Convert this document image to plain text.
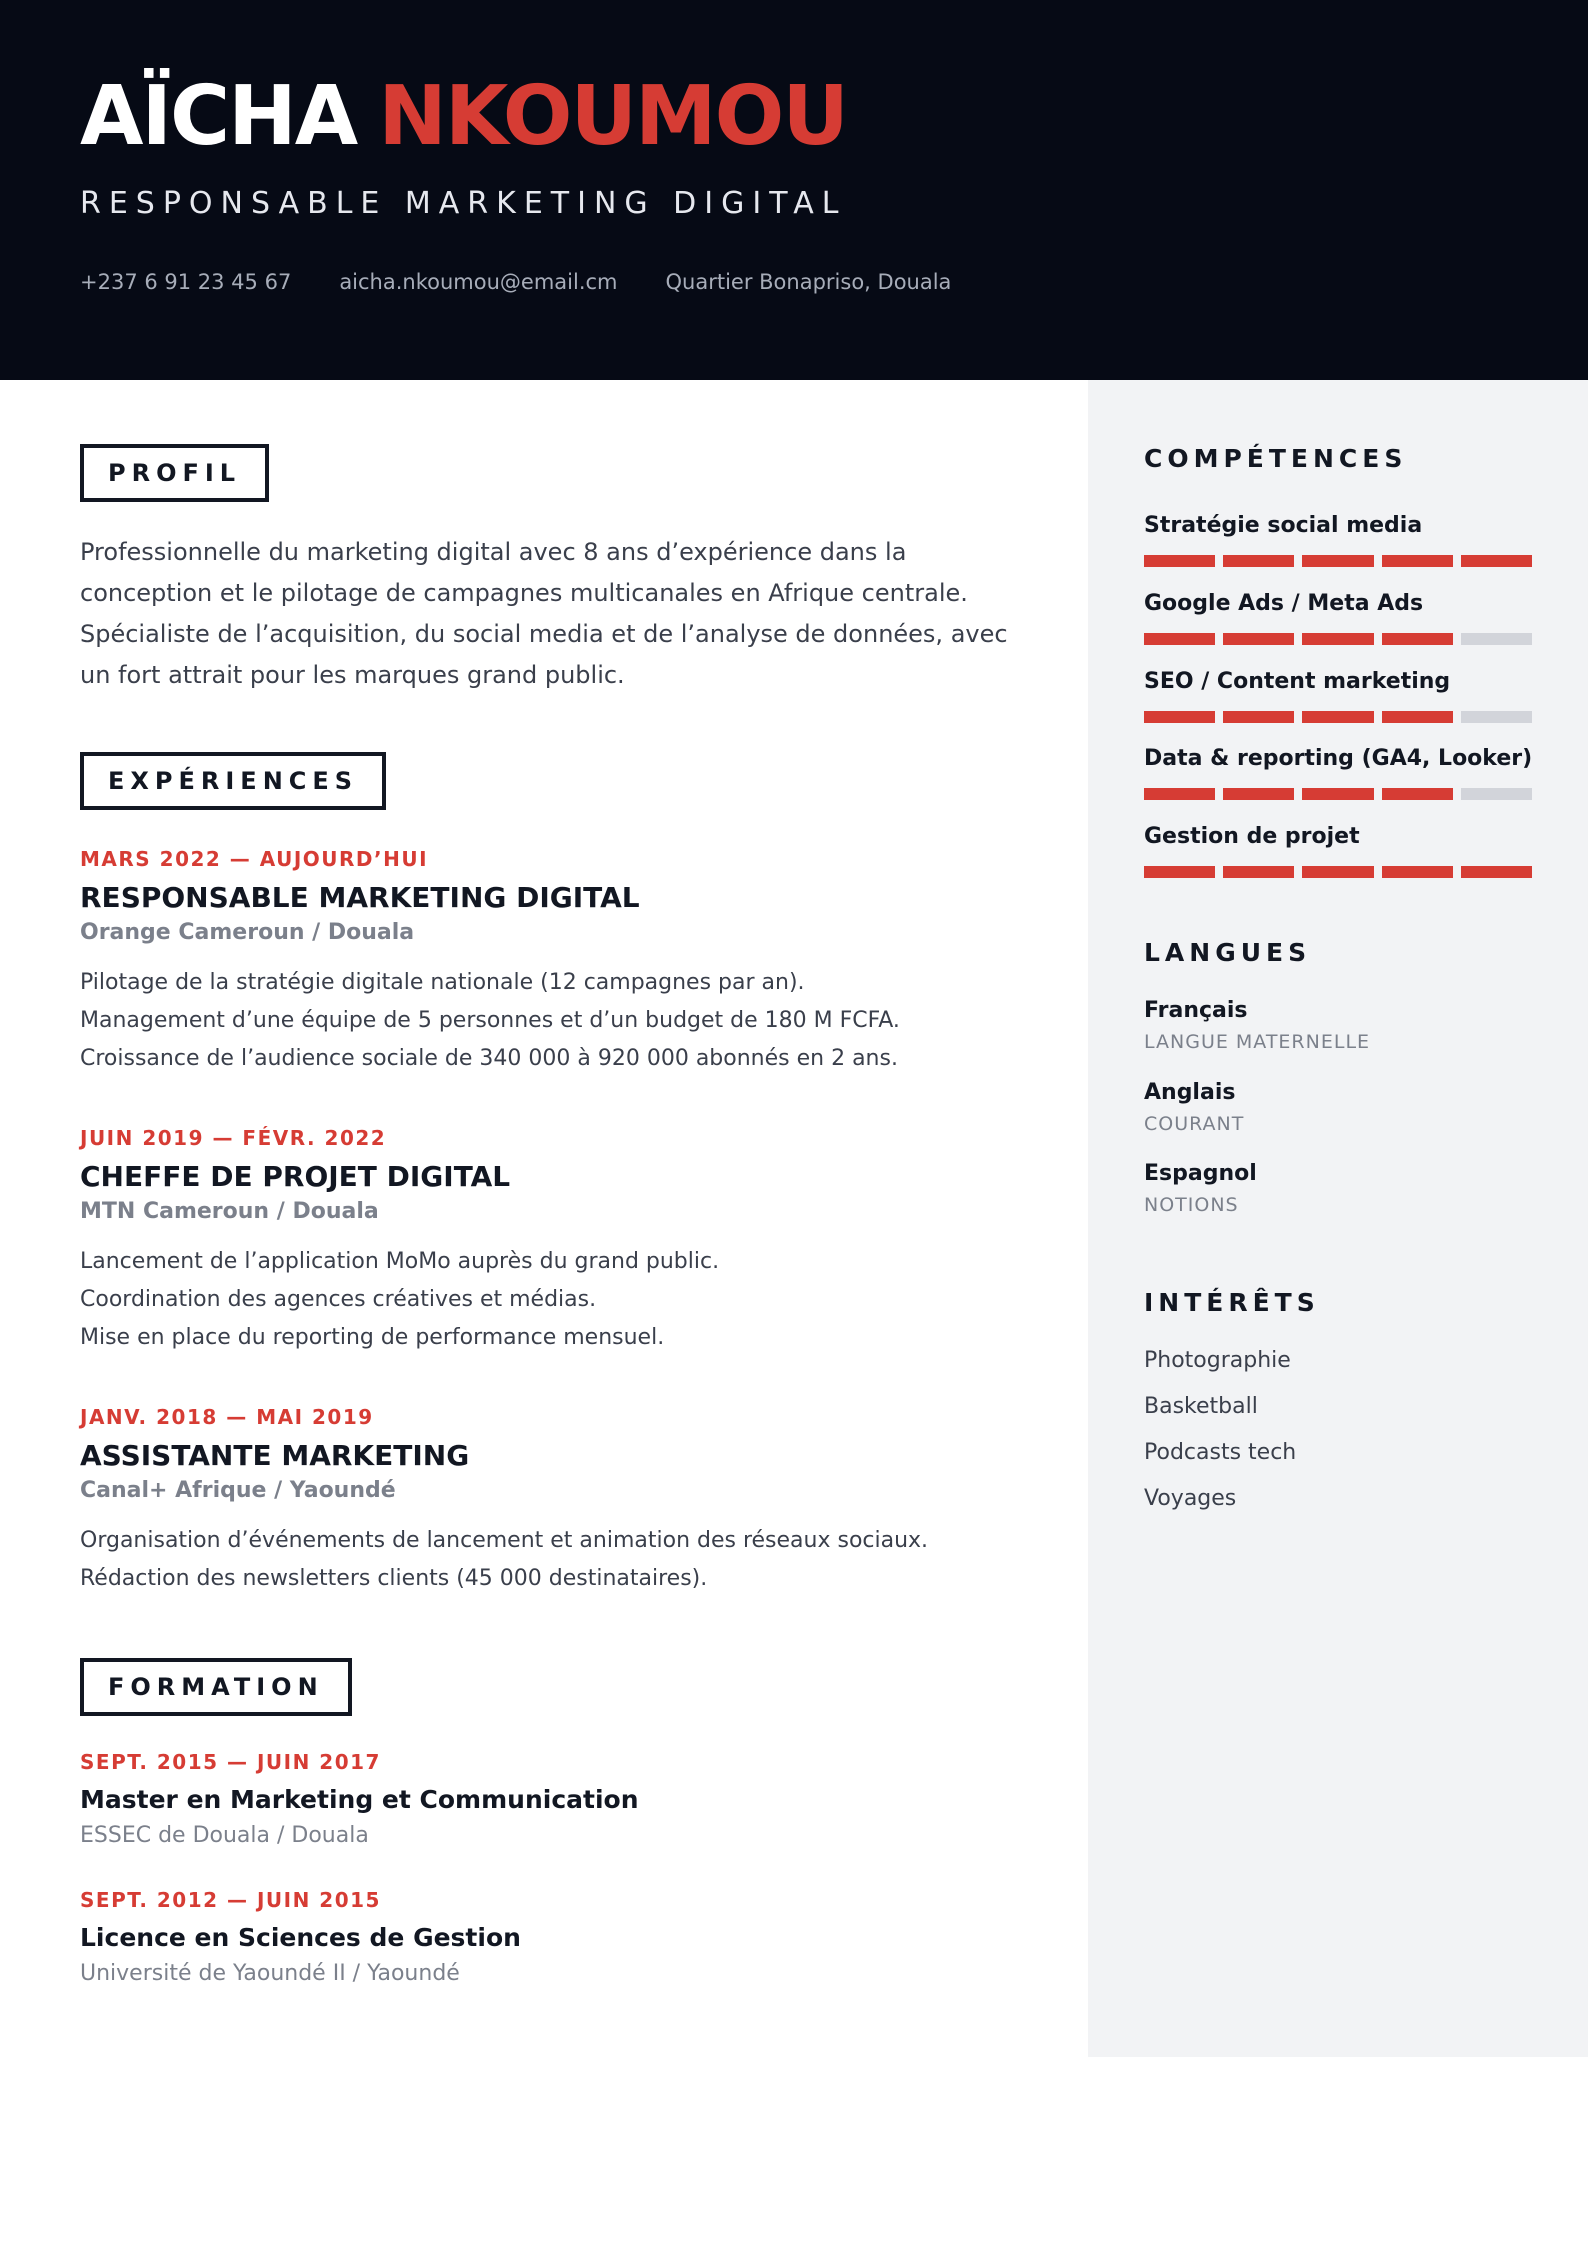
AÏCHA NKOUMOU
RESPONSABLE MARKETING DIGITAL
+237 6 91 23 45 67 aicha.nkoumou@email.cm Quartier Bonapriso, Douala
PROFIL
Professionnelle du marketing digital avec 8 ans d’expérience dans la conception et le pilotage de campagnes multicanales en Afrique centrale. Spécialiste de l’acquisition, du social media et de l’analyse de données, avec un fort attrait pour les marques grand public.
EXPÉRIENCES
MARS 2022 — AUJOURD’HUI
RESPONSABLE MARKETING DIGITAL
Orange Cameroun / Douala
Pilotage de la stratégie digitale nationale (12 campagnes par an).
Management d’une équipe de 5 personnes et d’un budget de 180 M FCFA.
Croissance de l’audience sociale de 340 000 à 920 000 abonnés en 2 ans.
JUIN 2019 — FÉVR. 2022
CHEFFE DE PROJET DIGITAL
MTN Cameroun / Douala
Lancement de l’application MoMo auprès du grand public.
Coordination des agences créatives et médias.
Mise en place du reporting de performance mensuel.
JANV. 2018 — MAI 2019
ASSISTANTE MARKETING
Canal+ Afrique / Yaoundé
Organisation d’événements de lancement et animation des réseaux sociaux.
Rédaction des newsletters clients (45 000 destinataires).
FORMATION
SEPT. 2015 — JUIN 2017
Master en Marketing et Communication
ESSEC de Douala / Douala
SEPT. 2012 — JUIN 2015
Licence en Sciences de Gestion
Université de Yaoundé II / Yaoundé
COMPÉTENCES
Stratégie social media
Google Ads / Meta Ads
SEO / Content marketing
Data & reporting (GA4, Looker)
Gestion de projet
LANGUES
Français
LANGUE MATERNELLE
Anglais
COURANT
Espagnol
NOTIONS
INTÉRÊTS
Photographie
Basketball
Podcasts tech
Voyages
